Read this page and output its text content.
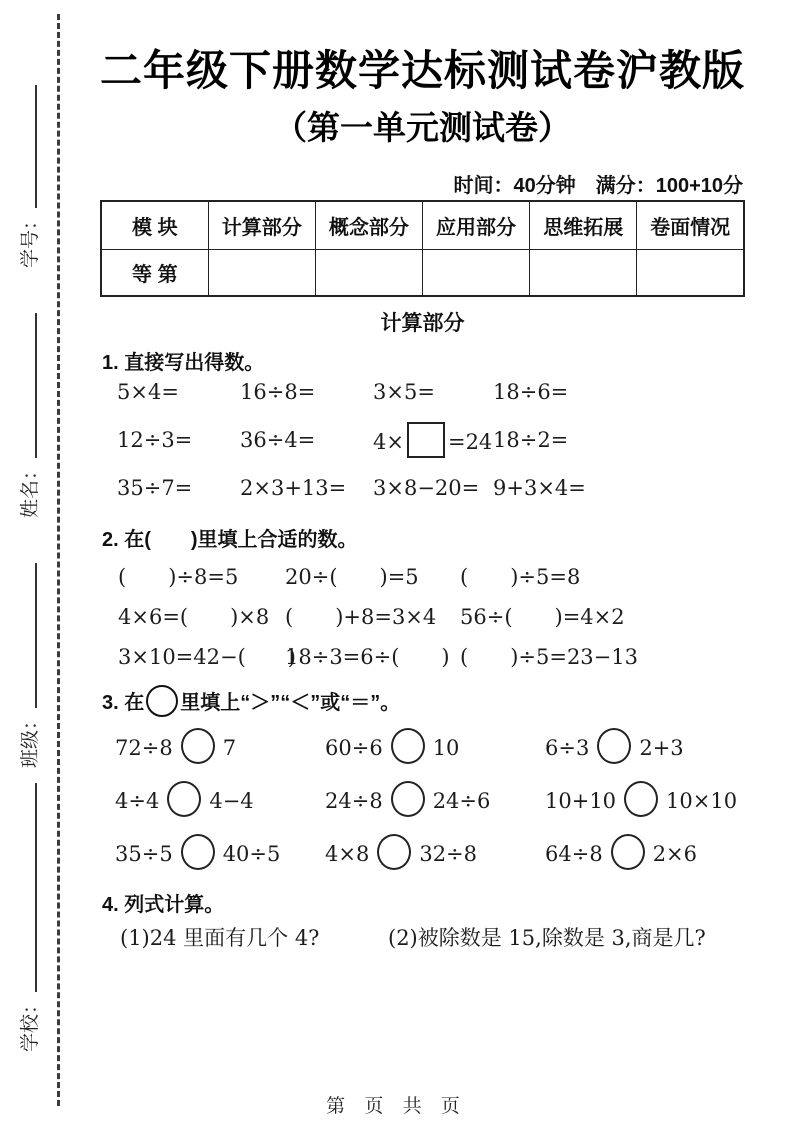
学号：
姓名：
班级：
学校：
二年级下册数学达标测试卷沪教版
（第一单元测试卷）
时间：40分钟　满分：100+10分
模 块	计算部分	概念部分	应用部分	思维拓展	卷面情况
等 第					
计算部分
1. 直接写出得数。
5×4=	16÷8=	3×5=	18÷6=
12÷3=	36÷4=	4× =24 18÷2=
35÷7=	2×3+13=	3×8−20= 9+3×4=
2. 在(　　)里填上合适的数。
(　　)÷8=5	20÷(　　)=5	(　　)÷5=8
4×6=(　　)×8 (　　)+8=3×4	56÷(　　)=4×2
3×10=42−(　　)
18÷3=6÷(　　) (　　)÷5=23−13
3. 在 里填上“＞”“＜”或“＝”。
72÷8 7	60÷6 10	6÷3 2+3
4÷4 4−4	24÷8 24÷6	10+10 10×10
35÷5 40÷5	4×8 32÷8	64÷8 2×6
4. 列式计算。
(1)24 里面有几个 4?	(2)被除数是 15,除数是 3,商是几?
第 页 共 页
